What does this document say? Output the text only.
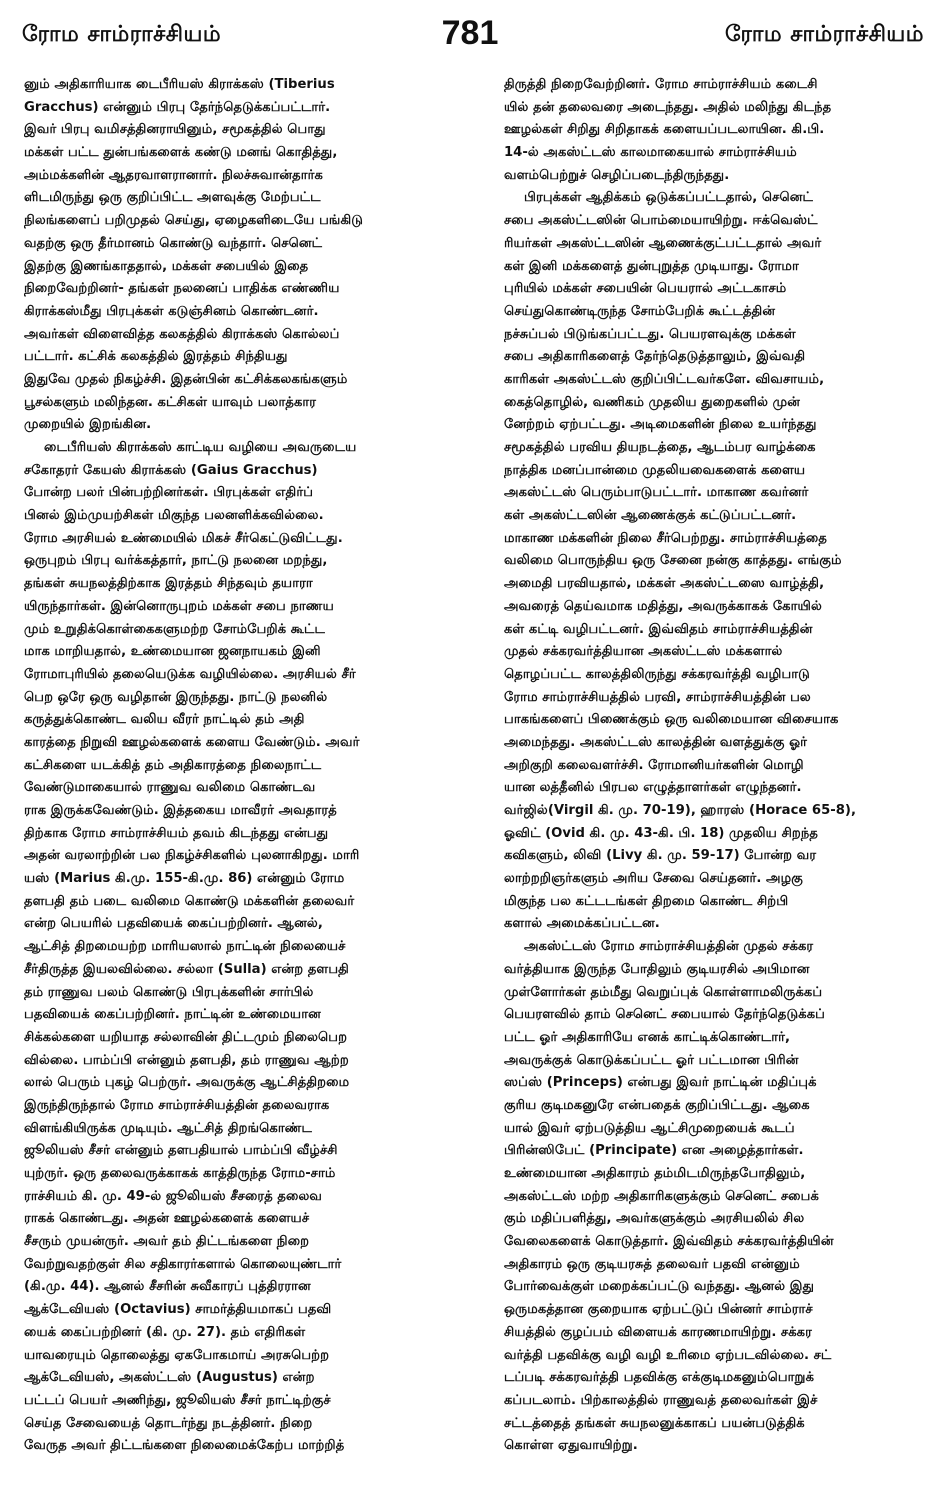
ரோம சாம்ராச்சியம்	781	ரோம சாம்ராச்சியம்
னும் அதிகாரியாக டைபீரியஸ் கிராக்கஸ் (Tiberius
Gracchus) என்னும் பிரபு தேர்ந்தெடுக்கப்பட்டார்.
இவர் பிரபு வமிசத்தினராயினும், சமூகத்தில் பொது
மக்கள் பட்ட துன்பங்களைக் கண்டு மனங் கொதித்து,
அம்மக்களின் ஆதரவாளரானார். நிலச்சுவான்தார்க
ளிடமிருந்து ஒரு குறிப்பிட்ட அளவுக்கு மேற்பட்ட
நிலங்களைப் பறிமுதல் செய்து, ஏழைகளிடையே பங்கிடு
வதற்கு ஒரு தீர்மானம் கொண்டு வந்தார். செனெட்
இதற்கு இணங்காததால், மக்கள் சபையில் இதை
நிறைவேற்றினர்- தங்கள் நலனைப் பாதிக்க எண்ணிய
கிராக்கஸ்மீது பிரபுக்கள் கடுஞ்சினம் கொண்டனர்.
அவர்கள் விளைவித்த கலகத்தில் கிராக்கஸ் கொல்லப்
பட்டார். கட்சிக் கலகத்தில் இரத்தம் சிந்தியது
இதுவே முதல் நிகழ்ச்சி. இதன்பின் கட்சிக்கலகங்களும்
பூசல்களும் மலிந்தன. கட்சிகள் யாவும் பலாத்கார
முறையில் இறங்கின.
டைபீரியஸ் கிராக்கஸ் காட்டிய வழியை அவருடைய
சகோதரர் கேயஸ் கிராக்கஸ் (Gaius Gracchus)
போன்ற பலர் பின்பற்றினர்கள். பிரபுக்கள் எதிர்ப்
பினல் இம்முயற்சிகள் மிகுந்த பலனளிக்கவில்லை.
ரோம அரசியல் உண்மையில் மிகச் சீர்கெட்டுவிட்டது.
ஒருபுறம் பிரபு வர்க்கத்தார், நாட்டு நலனை மறந்து,
தங்கள் சுயநலத்திற்காக இரத்தம் சிந்தவும் தயாரா
யிருந்தார்கள். இன்னொருபுறம் மக்கள் சபை நாணய
மும் உறுதிக்கொள்கைகளுமற்ற சோம்பேறிக் கூட்ட
மாக மாறியதால், உண்மையான ஜனநாயகம் இனி
ரோமாபுரியில் தலையெடுக்க வழியில்லை. அரசியல் சீர்
பெற ஒரே ஒரு வழிதான் இருந்தது. நாட்டு நலனில்
கருத்துக்கொண்ட வலிய வீரர் நாட்டில் தம் அதி
காரத்தை நிறுவி ஊழல்களைக் களைய வேண்டும். அவர்
கட்சிகளை யடக்கித் தம் அதிகாரத்தை நிலைநாட்ட
வேண்டுமாகையால் ராணுவ வலிமை கொண்டவ
ராக இருக்கவேண்டும். இத்தகைய மாவீரர் அவதாரத்
திற்காக ரோம சாம்ராச்சியம் தவம் கிடந்தது என்பது
அதன் வரலாற்றின் பல நிகழ்ச்சிகளில் புலனாகிறது. மாரி
யஸ் (Marius கி.மு. 155-கி.மு. 86) என்னும் ரோம
தளபதி தம் படை வலிமை கொண்டு மக்களின் தலைவர்
என்ற பெயரில் பதவியைக் கைப்பற்றினர். ஆனல்,
ஆட்சித் திறமையற்ற மாரியஸால் நாட்டின் நிலையைச்
சீர்திருத்த இயலவில்லை. சல்லா (Sulla) என்ற தளபதி
தம் ராணுவ பலம் கொண்டு பிரபுக்களின் சார்பில்
பதவியைக் கைப்பற்றினர். நாட்டின் உண்மையான
சிக்கல்களை யறியாத சல்லாவின் திட்டமும் நிலைபெற
வில்லை. பாம்ப்பி என்னும் தளபதி, தம் ராணுவ ஆற்ற
லால் பெரும் புகழ் பெற்ருர். அவருக்கு ஆட்சித்திறமை
இருந்திருந்தால் ரோம சாம்ராச்சியத்தின் தலைவராக
விளங்கியிருக்க முடியும். ஆட்சித் திறங்கொண்ட
ஜூலியஸ் சீசர் என்னும் தளபதியால் பாம்ப்பி வீழ்ச்சி
யுற்ருர். ஒரு தலைவருக்காகக் காத்திருந்த ரோம-சாம்
ராச்சியம் கி. மு. 49-ல் ஜூலியஸ் சீசரைத் தலைவ
ராகக் கொண்டது. அதன் ஊழல்களைக் களையச்
சீசரும் முயன்ருர். அவர் தம் திட்டங்களை நிறை
வேற்றுவதற்குள் சில சதிகாரர்களால் கொலையுண்டார்
(கி.மு. 44). ஆனல் சீசரின் சுவீகாரப் புத்திரரான
ஆக்டேவியஸ் (Octavius) சாமர்த்தியமாகப் பதவி
யைக் கைப்பற்றினர் (கி. மு. 27). தம் எதிரிகள்
யாவரையும் தொலைத்து ஏகபோகமாய் அரசுபெற்ற
ஆக்டேவியஸ், அகஸ்ட்டஸ் (Augustus) என்ற
பட்டப் பெயர் அணிந்து, ஜூலியஸ் சீசர் நாட்டிற்குச்
செய்த சேவையைத் தொடர்ந்து நடத்தினர். நிறை
வேருத அவர் திட்டங்களை நிலைமைக்கேற்ப மாற்றித்
திருத்தி நிறைவேற்றினர். ரோம சாம்ராச்சியம் கடைசி
யில் தன் தலைவரை அடைந்தது. அதில் மலிந்து கிடந்த
ஊழல்கள் சிறிது சிறிதாகக் களையப்படலாயின. கி.பி.
14-ல் அகஸ்ட்டஸ் காலமாகையால் சாம்ராச்சியம்
வளம்பெற்றுச் செழிப்படைந்திருந்தது.
பிரபுக்கள் ஆதிக்கம் ஒடுக்கப்பட்டதால், செனெட்
சபை அகஸ்ட்டஸின் பொம்மையாயிற்று. ஈக்வெஸ்ட்
ரியர்கள் அகஸ்ட்டஸின் ஆணைக்குட்பட்டதால் அவர்
கள் இனி மக்களைத் துன்புறுத்த முடியாது. ரோமா
புரியில் மக்கள் சபையின் பெயரால் அட்டகாசம்
செய்துகொண்டிருந்த சோம்பேறிக் கூட்டத்தின்
நச்சுப்பல் பிடுங்கப்பட்டது. பெயரளவுக்கு மக்கள்
சபை அதிகாரிகளைத் தேர்ந்தெடுத்தாலும், இவ்வதி
காரிகள் அகஸ்ட்டஸ் குறிப்பிட்டவர்களே. விவசாயம்,
கைத்தொழில், வணிகம் முதலிய துறைகளில் முன்
னேற்றம் ஏற்பட்டது. அடிமைகளின் நிலை உயர்ந்தது
சமூகத்தில் பரவிய தியநடத்தை, ஆடம்பர வாழ்க்கை
நாத்திக மனப்பான்மை முதலியவைகளைக் களைய
அகஸ்ட்டஸ் பெரும்பாடுபட்டார். மாகாண கவர்னர்
கள் அகஸ்ட்டஸின் ஆணைக்குக் கட்டுப்பட்டனர்.
மாகாண மக்களின் நிலை சீர்பெற்றது. சாம்ராச்சியத்தை
வலிமை பொருந்திய ஒரு சேனை நன்கு காத்தது. எங்கும்
அமைதி பரவியதால், மக்கள் அகஸ்ட்டஸை வாழ்த்தி,
அவரைத் தெய்வமாக மதித்து, அவருக்காகக் கோயில்
கள் கட்டி வழிபட்டனர். இவ்விதம் சாம்ராச்சியத்தின்
முதல் சக்கரவர்த்தியான அகஸ்ட்டஸ் மக்களால்
தொழப்பட்ட காலத்திலிருந்து சக்கரவர்த்தி வழிபாடு
ரோம சாம்ராச்சியத்தில் பரவி, சாம்ராச்சியத்தின் பல
பாகங்களைப் பிணைக்கும் ஒரு வலிமையான விசையாக
அமைந்தது. அகஸ்ட்டஸ் காலத்தின் வளத்துக்கு ஓர்
அறிகுறி கலைவளர்ச்சி. ரோமானியர்களின் மொழி
யான லத்தீனில் பிரபல எழுத்தாளர்கள் எழுந்தனர்.
வர்ஜில்(Virgil கி. மு. 70-19), ஹாரஸ் (Horace 65-8),
ஓவிட் (Ovid கி. மு. 43-கி. பி. 18) முதலிய சிறந்த
கவிகளும், லிவி (Livy கி. மு. 59-17) போன்ற வர
லாற்றறிஞர்களும் அரிய சேவை செய்தனர். அழகு
மிகுந்த பல கட்டடங்கள் திறமை கொண்ட சிற்பி
களால் அமைக்கப்பட்டன.
அகஸ்ட்டஸ் ரோம சாம்ராச்சியத்தின் முதல் சக்கர
வர்த்தியாக இருந்த போதிலும் குடியரசில் அபிமான
முள்ளோர்கள் தம்மீது வெறுப்புக் கொள்ளாமலிருக்கப்
பெயரளவில் தாம் செனெட் சபையால் தேர்ந்தெடுக்கப்
பட்ட ஓர் அதிகாரியே எனக் காட்டிக்கொண்டார்,
அவருக்குக் கொடுக்கப்பட்ட ஓர் பட்டமான பிரின்
ஸப்ஸ் (Princeps) என்பது இவர் நாட்டின் மதிப்புக்
குரிய குடிமகனுரே என்பதைக் குறிப்பிட்டது. ஆகை
யால் இவர் ஏற்படுத்திய ஆட்சிமுறையைக் கூடப்
பிரின்ஸிபேட் (Principate) என அழைத்தார்கள்.
உண்மையான அதிகாரம் தம்மிடமிருந்தபோதிலும்,
அகஸ்ட்டஸ் மற்ற அதிகாரிகளுக்கும் செனெட் சபைக்
கும் மதிப்பளித்து, அவர்களுக்கும் அரசியலில் சில
வேலைகளைக் கொடுத்தார். இவ்விதம் சக்கரவர்த்தியின்
அதிகாரம் ஒரு குடியரசுத் தலைவர் பதவி என்னும்
போர்வைக்குள் மறைக்கப்பட்டு வந்தது. ஆனல் இது
ஒருமகத்தான குறையாக ஏற்பட்டுப் பின்னர் சாம்ராச்
சியத்தில் குழப்பம் விளையக் காரணமாயிற்று. சக்கர
வர்த்தி பதவிக்கு வழி வழி உரிமை ஏற்படவில்லை. சட்
டப்படி சக்கரவர்த்தி பதவிக்கு எக்குடிமகனும்பொறுக்
கப்படலாம். பிற்காலத்தில் ராணுவத் தலைவர்கள் இச்
சட்டத்தைத் தங்கள் சுயநலனுக்காகப் பயன்படுத்திக்
கொள்ள ஏதுவாயிற்று.
